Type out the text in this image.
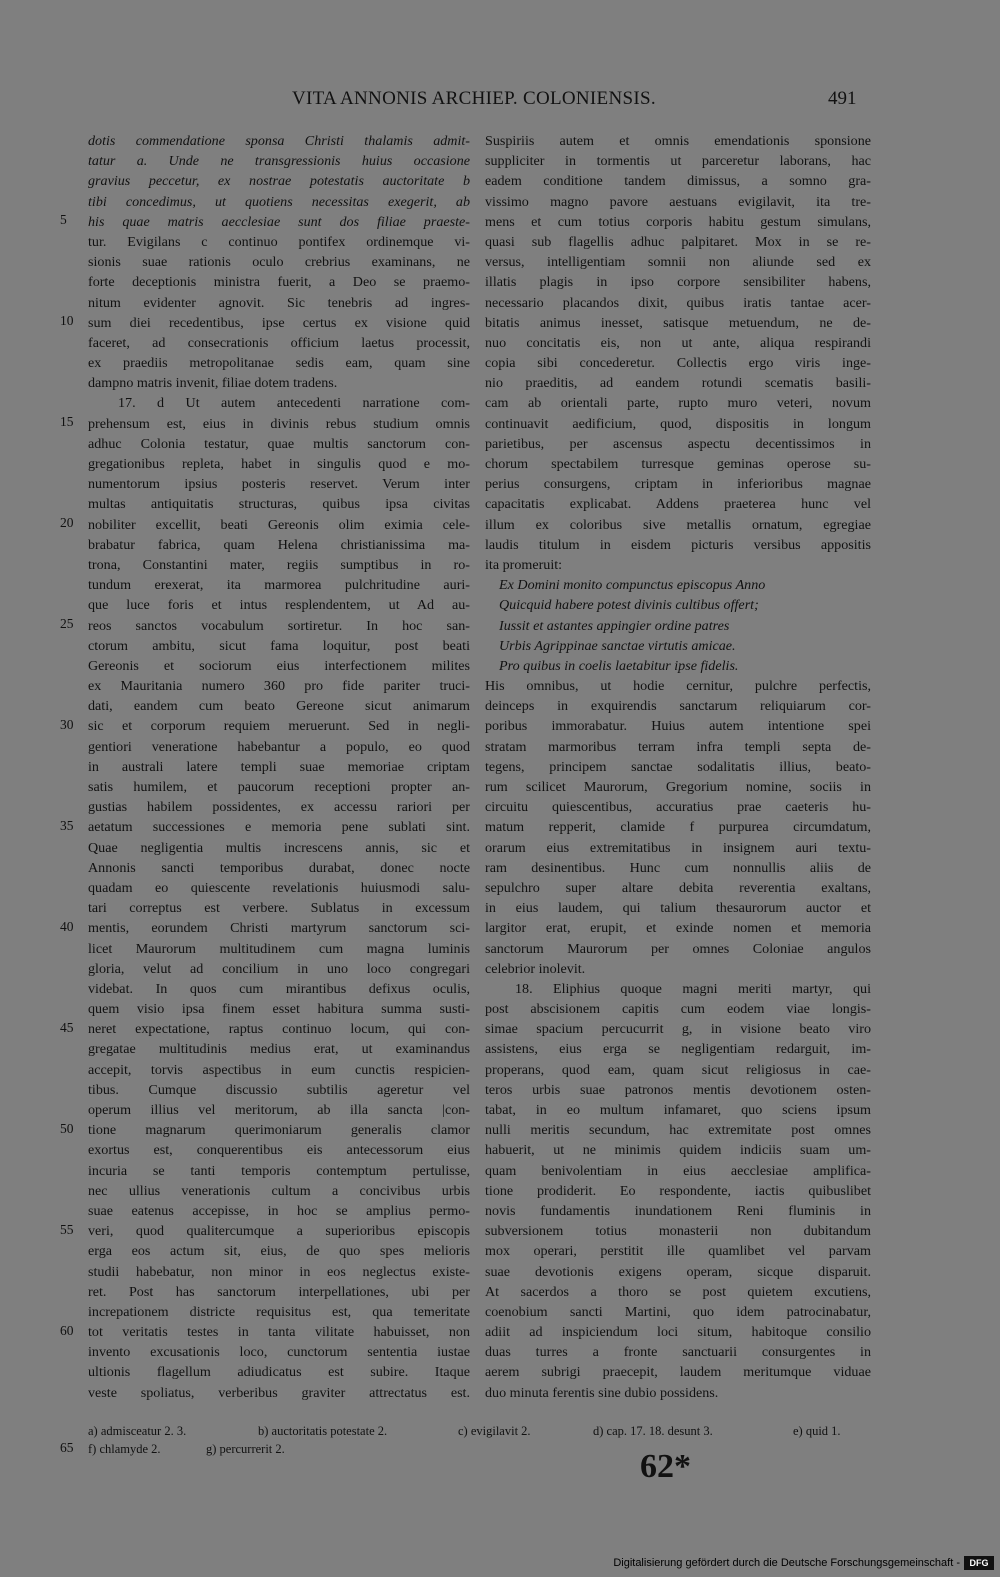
VITA ANNONIS ARCHIEP. COLONIENSIS.	491
5
10
15
20
25
30
35
40
45
50
55
60
65
dotis commendatione sponsa Christi thalamis admit-
tatur a. Unde ne transgressionis huius occasione
gravius peccetur, ex nostrae potestatis auctoritate b
tibi concedimus, ut quotiens necessitas exegerit, ab
his quae matris aecclesiae sunt dos filiae praeste-
tur. Evigilans c continuo pontifex ordinemque vi-
sionis suae rationis oculo crebrius examinans, ne
forte deceptionis ministra fuerit, a Deo se praemo-
nitum evidenter agnovit. Sic tenebris ad ingres-
sum diei recedentibus, ipse certus ex visione quid
faceret, ad consecrationis officium laetus processit,
ex praediis metropolitanae sedis eam, quam sine
dampno matris invenit, filiae dotem tradens.
17. d Ut autem antecedenti narratione com-
prehensum est, eius in divinis rebus studium omnis
adhuc Colonia testatur, quae multis sanctorum con-
gregationibus repleta, habet in singulis quod e mo-
numentorum ipsius posteris reservet. Verum inter
multas antiquitatis structuras, quibus ipsa civitas
nobiliter excellit, beati Gereonis olim eximia cele-
brabatur fabrica, quam Helena christianissima ma-
trona, Constantini mater, regiis sumptibus in ro-
tundum erexerat, ita marmorea pulchritudine auri-
que luce foris et intus resplendentem, ut Ad au-
reos sanctos vocabulum sortiretur. In hoc san-
ctorum ambitu, sicut fama loquitur, post beati
Gereonis et sociorum eius interfectionem milites
ex Mauritania numero 360 pro fide pariter truci-
dati, eandem cum beato Gereone sicut animarum
sic et corporum requiem meruerunt. Sed in negli-
gentiori veneratione habebantur a populo, eo quod
in australi latere templi suae memoriae criptam
satis humilem, et paucorum receptioni propter an-
gustias habilem possidentes, ex accessu rariori per
aetatum successiones e memoria pene sublati sint.
Quae negligentia multis increscens annis, sic et
Annonis sancti temporibus durabat, donec nocte
quadam eo quiescente revelationis huiusmodi salu-
tari correptus est verbere. Sublatus in excessum
mentis, eorundem Christi martyrum sanctorum sci-
licet Maurorum multitudinem cum magna luminis
gloria, velut ad concilium in uno loco congregari
videbat. In quos cum mirantibus defixus oculis,
quem visio ipsa finem esset habitura summa susti-
neret expectatione, raptus continuo locum, qui con-
gregatae multitudinis medius erat, ut examinandus
accepit, torvis aspectibus in eum cunctis respicien-
tibus. Cumque discussio subtilis ageretur vel
operum illius vel meritorum, ab illa sancta |con-
tione magnarum querimoniarum generalis clamor
exortus est, conquerentibus eis antecessorum eius
incuria se tanti temporis contemptum pertulisse,
nec ullius venerationis cultum a concivibus urbis
suae eatenus accepisse, in hoc se amplius permo-
veri, quod qualitercumque a superioribus episcopis
erga eos actum sit, eius, de quo spes melioris
studii habebatur, non minor in eos neglectus existe-
ret. Post has sanctorum interpellationes, ubi per
increpationem districte requisitus est, qua temeritate
tot veritatis testes in tanta vilitate habuisset, non
invento excusationis loco, cunctorum sententia iustae
ultionis flagellum adiudicatus est subire. Itaque
veste spoliatus, verberibus graviter attrectatus est.
Suspiriis autem et omnis emendationis sponsione
suppliciter in tormentis ut parceretur laborans, hac
eadem conditione tandem dimissus, a somno gra-
vissimo magno pavore aestuans evigilavit, ita tre-
mens et cum totius corporis habitu gestum simulans,
quasi sub flagellis adhuc palpitaret. Mox in se re-
versus, intelligentiam somnii non aliunde sed ex
illatis plagis in ipso corpore sensibiliter habens,
necessario placandos dixit, quibus iratis tantae acer-
bitatis animus inesset, satisque metuendum, ne de-
nuo concitatis eis, non ut ante, aliqua respirandi
copia sibi concederetur. Collectis ergo viris inge-
nio praeditis, ad eandem rotundi scematis basili-
cam ab orientali parte, rupto muro veteri, novum
continuavit aedificium, quod, dispositis in longum
parietibus, per ascensus aspectu decentissimos in
chorum spectabilem turresque geminas operose su-
perius consurgens, criptam in inferioribus magnae
capacitatis explicabat. Addens praeterea hunc vel
illum ex coloribus sive metallis ornatum, egregiae
laudis titulum in eisdem picturis versibus appositis
ita promeruit:
Ex Domini monito compunctus episcopus Anno
Quicquid habere potest divinis cultibus offert;
Iussit et astantes appingier ordine patres
Urbis Agrippinae sanctae virtutis amicae.
Pro quibus in coelis laetabitur ipse fidelis.
His omnibus, ut hodie cernitur, pulchre perfectis,
deinceps in exquirendis sanctarum reliquiarum cor-
poribus immorabatur. Huius autem intentione spei
stratam marmoribus terram infra templi septa de-
tegens, principem sanctae sodalitatis illius, beato-
rum scilicet Maurorum, Gregorium nomine, sociis in
circuitu quiescentibus, accuratius prae caeteris hu-
matum repperit, clamide f purpurea circumdatum,
orarum eius extremitatibus in insignem auri textu-
ram desinentibus. Hunc cum nonnullis aliis de
sepulchro super altare debita reverentia exaltans,
in eius laudem, qui talium thesaurorum auctor et
largitor erat, erupit, et exinde nomen et memoria
sanctorum Maurorum per omnes Coloniae angulos
celebrior inolevit.
18. Eliphius quoque magni meriti martyr, qui
post abscisionem capitis cum eodem viae longis-
simae spacium percucurrit g, in visione beato viro
assistens, eius erga se negligentiam redarguit, im-
properans, quod eam, quam sicut religiosus in cae-
teros urbis suae patronos mentis devotionem osten-
tabat, in eo multum infamaret, quo sciens ipsum
nulli meritis secundum, hac extremitate post omnes
habuerit, ut ne minimis quidem indiciis suam um-
quam benivolentiam in eius aecclesiae amplifica-
tione prodiderit. Eo respondente, iactis quibuslibet
novis fundamentis inundationem Reni fluminis in
subversionem totius monasterii non dubitandum
mox operari, perstitit ille quamlibet vel parvam
suae devotionis exigens operam, sicque disparuit.
At sacerdos a thoro se post quietem excutiens,
coenobium sancti Martini, quo idem patrocinabatur,
adiit ad inspiciendum loci situm, habitoque consilio
duas turres a fronte sanctuarii consurgentes in
aerem subrigi praecepit, laudem meritumque viduae
duo minuta ferentis sine dubio possidens.
a) admisceatur 2. 3.	b) auctoritatis potestate 2.	c) evigilavit 2.	d) cap. 17. 18. desunt 3.	e) quid 1.
f) chlamyde 2.	g) percurrerit 2.	62*
Digitalisierung gefördert durch die Deutsche Forschungsgemeinschaft -	DFG
